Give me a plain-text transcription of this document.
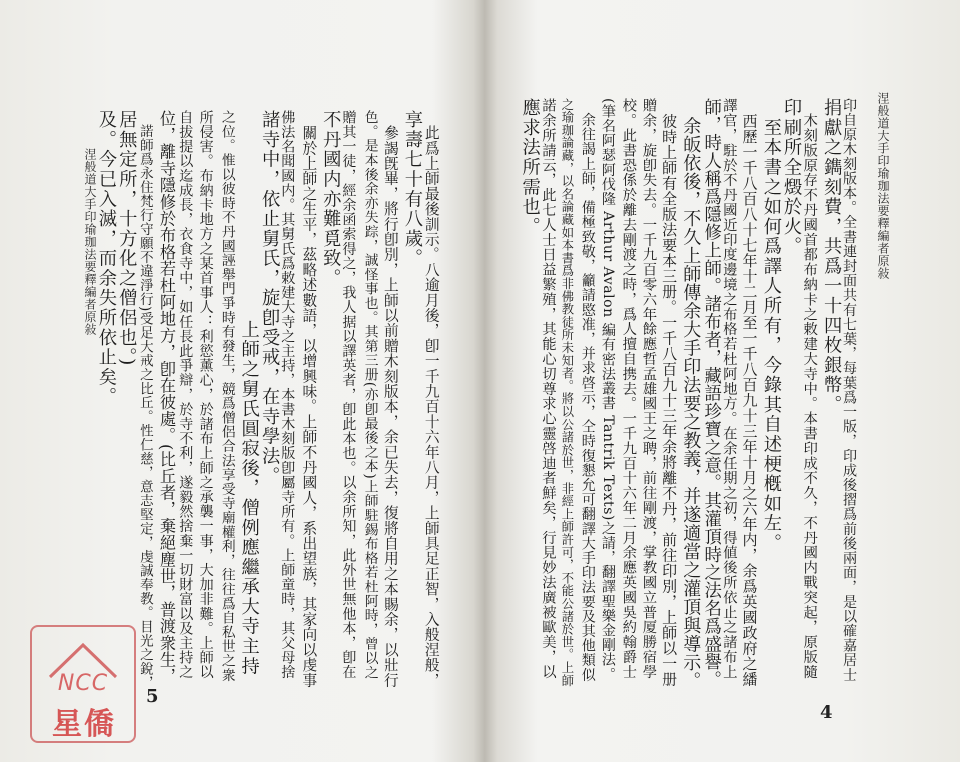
涅般道大手印瑜珈法要釋編者原敍	　此爲上師最後訓示。八逾月後，卽一千九百十六年八月，上師具足正智，入般涅般，
享壽七十有八歲。
　參謁旣畢，將行卽別，上師以前贈木刻版本，余已失去，復將自用之本賜余，以壯行
色。是本後余亦失踪，誠怪事也。其第三册(亦卽最後之本)上師駐錫布格若杜阿時，曾以之
贈其一徒，經余函索得之，我人据以譯英者，卽此本也。以余所知，此外世無他本，卽在
不丹國内亦難覓致。
　關於上師之生平，茲略述數語，以增興味。上師不丹國人，系出望族，其家向以虔事
佛法名聞國内。其舅氏爲敕建大寺之主持，本書木刻版卽屬寺所有。上師童時，其父母捨
諸寺中，依止舅氏，旋卽受戒，在寺學法。
　上師之舅氏圓寂後，僧例應繼承大寺主持
之位。惟以彼時不丹國誣舉門爭時有發生，競爲僧侶合法享受寺廟權利，往往爲自私世之衆
所侵害。布納卡地方之某首事人：利慾薰心，於諸布上師之承襲一事，大加非難。上師以
自拔提以迄成長，衣食寺中，如任長此爭辯，於寺不利，遂毅然捨棄一切財富以及主持之
位，離寺隱修於布格若杜阿地方，卽在彼處。(比丘者，棄絕塵世，普渡衆生，
　諾師爲永住梵行守願不違淨行)受足大戒之比丘。性仁慈，意志堅定，虔誠奉教。目光之銳，
居無定所，十方化之僧侶也。)
及。今已入滅，而余失所依止矣。
5
涅般道大手印瑜珈法要釋編者原敍
印自原木刻版本。全書連封面共有七葉，每葉爲一版，印成後摺爲前後兩面，是以確嘉居士
捐獻之鐫刻費，共爲一十四枚銀幣。
　木刻版原存不丹國首都布納卡之敕建大寺中。本書印成不久，不丹國内戰突起，原版隨
印刷所全燬於火。
　至本書之如何爲譯人所有，今錄其自述梗槪如左。
　西歷一千八百八十七年十二月至一千八百九十三年十月之六年内，余爲英國政府之繙
譯官，駐於不丹國近印度邊境之布格若杜阿地方。在余任期之初，得値後所依止之諸布上
師，時人稱爲隱修上師。諸布者，藏語珍寶之意。其灌頂時之法名爲盛譽。
　余皈依後，不久上師傳余大手印法要之教義，并遂適當之灌頂與導示。
　彼時上師有全版法要本三册。一千八百九十三年余將離不丹，前往印別，上師以一册
贈余，旋卽失去。一千九百零六年餘應哲孟雄國王之聘，前往剛渡，掌教國立普厦勝宿學
校。此書恐係於離去剛渡之時，爲人擅自携去。一千九百十六年二月余應英國吳約翰爵士
(筆名阿瑟阿伐隆 Arthur Avalon 編有密法叢書 Tantrik Texts)之請，翻譯聖樂金剛法。
　余往謁上師，備極致敬，籲請愍准，并求啓示，仝時復懇允可翻譯大手印法要及其他類似
之瑜珈論藏，以名論藏如本書爲非佛教徒所未知者。將以公諸於世，非經上師許可，不能公諸於世。上師
諾余所請云，此七人士日益繁殖，其能心切尊求心靈啓迪者鮮矣，行見妙法廣被歐美，以
應求法所需也。
4
NCC
星僑
